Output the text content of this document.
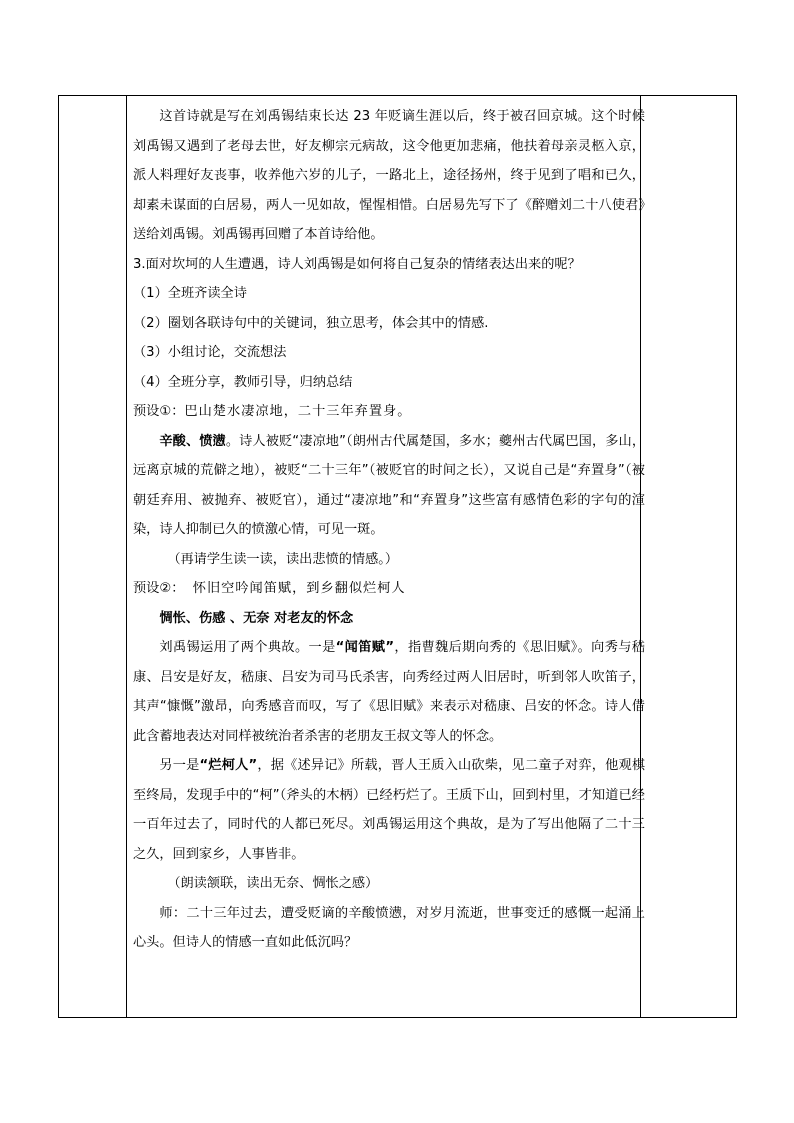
这首诗就是写在刘禹锡结束长达 23 年贬谪生涯以后，终于被召回京城。这个时候刘禹锡又遇到了老母去世，好友柳宗元病故，这令他更加悲痛，他扶着母亲灵柩入京，派人料理好友丧事，收养他六岁的儿子，一路北上，途径扬州，终于见到了唱和已久，却素未谋面的白居易，两人一见如故，惺惺相惜。白居易先写下了《醉赠刘二十八使君》送给刘禹锡。刘禹锡再回赠了本首诗给他。

3.面对坎坷的人生遭遇，诗人刘禹锡是如何将自己复杂的情绪表达出来的呢？

（1）全班齐读全诗

（2）圈划各联诗句中的关键词，独立思考，体会其中的情感.

（3）小组讨论，交流想法

（4）全班分享，教师引导，归纳总结

预设①：巴山楚水凄凉地，二十三年弃置身。

辛酸、愤懑。诗人被贬“凄凉地”（朗州古代属楚国，多水；夔州古代属巴国，多山，远离京城的荒僻之地），被贬“二十三年”（被贬官的时间之长），又说自己是“弃置身”（被朝廷弃用、被抛弃、被贬官），通过“凄凉地”和“弃置身”这些富有感情色彩的字句的渲染，诗人抑制已久的愤激心情，可见一斑。

（再请学生读一读，读出悲愤的情感。）

预设②： 怀旧空吟闻笛赋，到乡翻似烂柯人

惆怅、伤感 、无奈 对老友的怀念

刘禹锡运用了两个典故。一是“闻笛赋”，指曹魏后期向秀的《思旧赋》。向秀与嵇康、吕安是好友，嵇康、吕安为司马氏杀害，向秀经过两人旧居时，听到邻人吹笛子，其声“慷慨”激昂，向秀感音而叹，写了《思旧赋》来表示对嵇康、吕安的怀念。诗人借此含蓄地表达对同样被统治者杀害的老朋友王叔文等人的怀念。

另一是“烂柯人”，据《述异记》所载，晋人王质入山砍柴，见二童子对弈，他观棋至终局，发现手中的“柯”（斧头的木柄）已经朽烂了。王质下山，回到村里，才知道已经一百年过去了，同时代的人都已死尽。刘禹锡运用这个典故，是为了写出他隔了二十三之久，回到家乡，人事皆非。

（朗读颔联，读出无奈、惆怅之感）

师：二十三年过去，遭受贬谪的辛酸愤懑，对岁月流逝，世事变迁的感慨一起涌上心头。但诗人的情感一直如此低沉吗？
